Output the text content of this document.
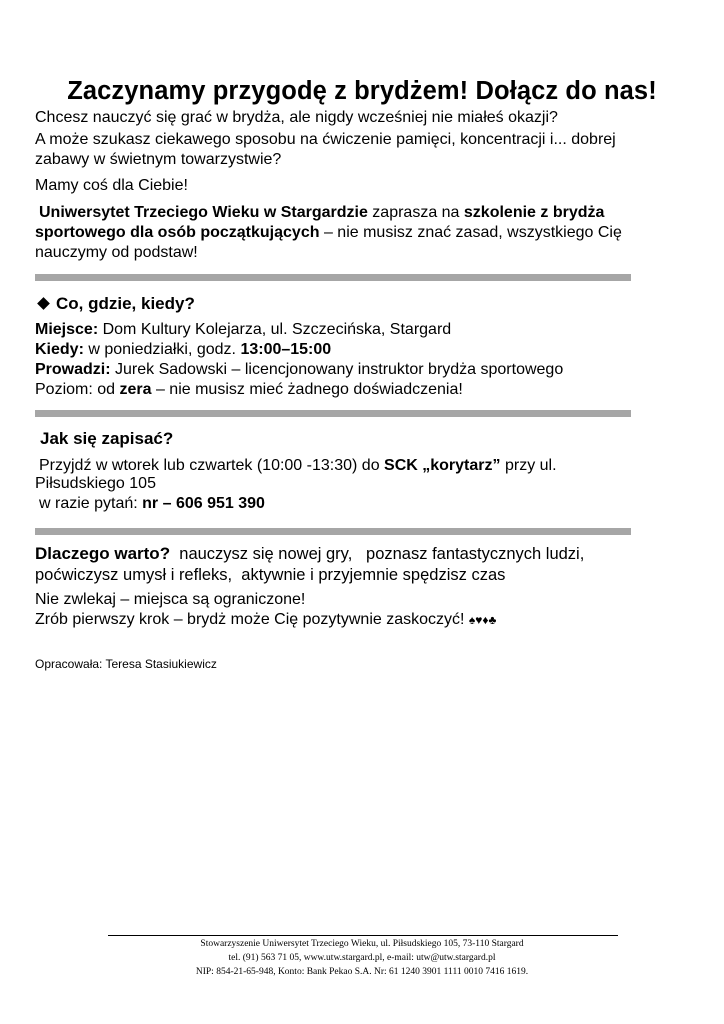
Zaczynamy przygodę z brydżem! Dołącz do nas!

Chcesz nauczyć się grać w brydża, ale nigdy wcześniej nie miałeś okazji?

A może szukasz ciekawego sposobu na ćwiczenie pamięci, koncentracji i... dobrej zabawy w świetnym towarzystwie?

Mamy coś dla Ciebie!

Uniwersytet Trzeciego Wieku w Stargardzie zaprasza na szkolenie z brydża sportowego dla osób początkujących – nie musisz znać zasad, wszystkiego Cię nauczymy od podstaw!

Co, gdzie, kiedy?

Miejsce: Dom Kultury Kolejarza, ul. Szczecińska, Stargard

Kiedy: w poniedziałki, godz. 13:00–15:00

Prowadzi: Jurek Sadowski – licencjonowany instruktor brydża sportowego

Poziom: od zera – nie musisz mieć żadnego doświadczenia!

Jak się zapisać?

Przyjdź w wtorek lub czwartek (10:00 -13:30) do SCK „korytarz” przy ul.

Piłsudskiego 105

w razie pytań: nr – 606 951 390

Dlaczego warto?  nauczysz się nowej gry,   poznasz fantastycznych ludzi,

poćwiczysz umysł i refleks,  aktywnie i przyjemnie spędzisz czas

Nie zwlekaj – miejsca są ograniczone!

Zrób pierwszy krok – brydż może Cię pozytywnie zaskoczyć! ♠♥♦♣

Opracowała: Teresa Stasiukiewicz
Stowarzyszenie Uniwersytet Trzeciego Wieku, ul. Piłsudskiego 105, 73-110 Stargard
tel. (91) 563 71 05, www.utw.stargard.pl, e-mail: utw@utw.stargard.pl
NIP: 854-21-65-948, Konto: Bank Pekao S.A. Nr: 61 1240 3901 1111 0010 7416 1619.
